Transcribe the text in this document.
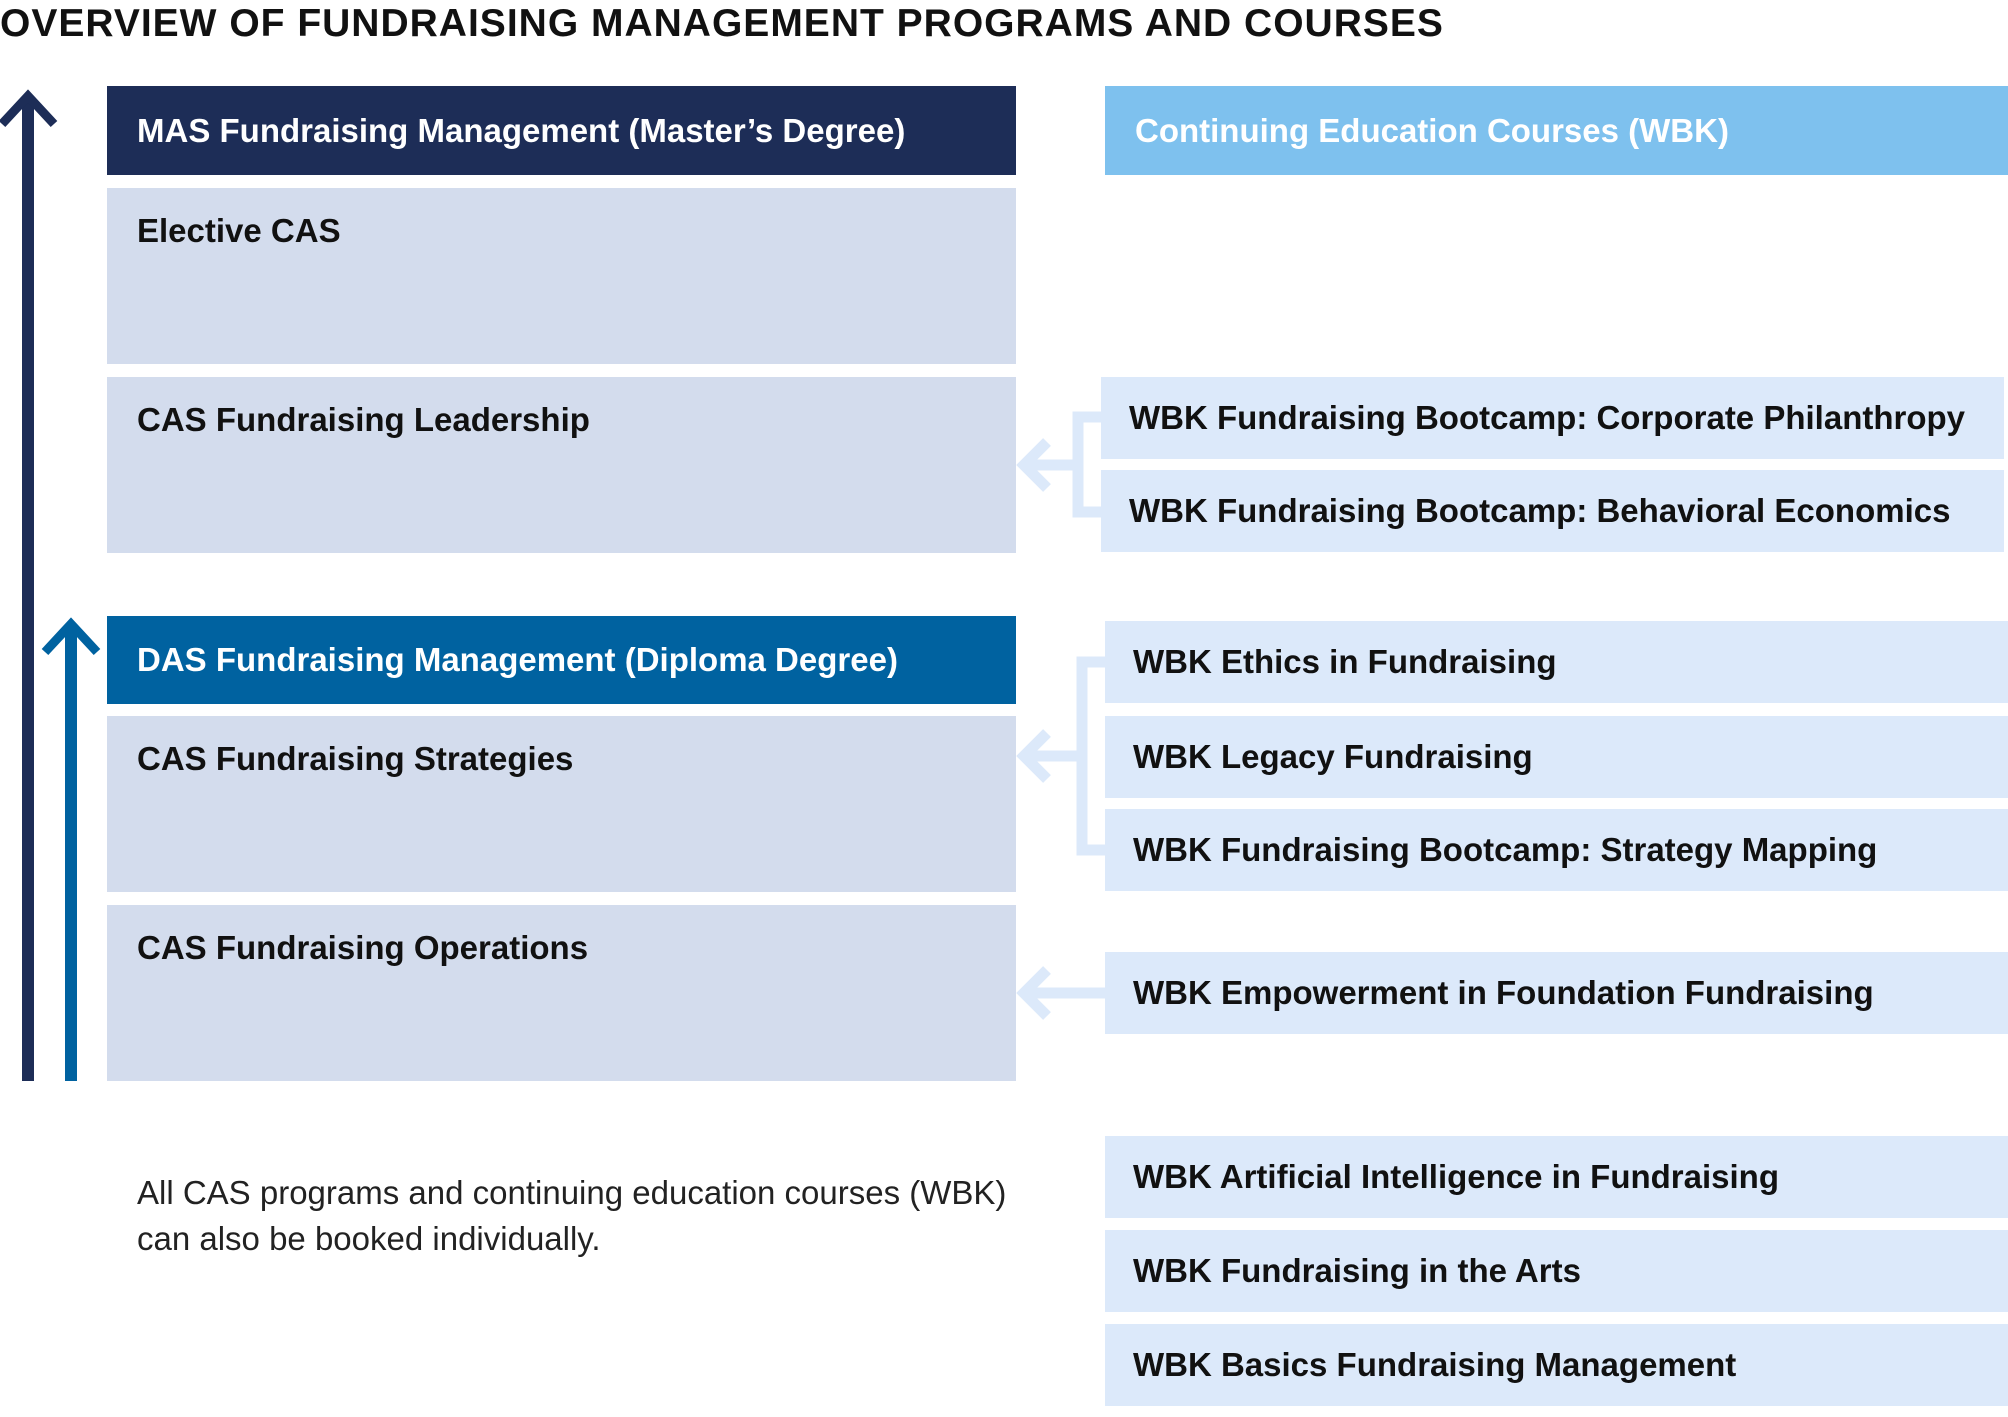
OVERVIEW OF FUNDRAISING MANAGEMENT PROGRAMS AND COURSES
MAS Fundraising Management (Master’s Degree)	Continuing Education Courses (WBK)
DAS Fundraising Management (Diploma Degree)
Elective CAS
CAS Fundraising Leadership
CAS Fundraising Strategies
CAS Fundraising Operations
WBK Fundraising Bootcamp: Corporate Philanthropy
WBK Fundraising Bootcamp: Behavioral Economics
WBK Ethics in Fundraising
WBK Legacy Fundraising
WBK Fundraising Bootcamp: Strategy Mapping
WBK Empowerment in Foundation Fundraising
WBK Artificial Intelligence in Fundraising
WBK Fundraising in the Arts
WBK Basics Fundraising Management
All CAS programs and continuing education courses (WBK) can also be booked individually.
